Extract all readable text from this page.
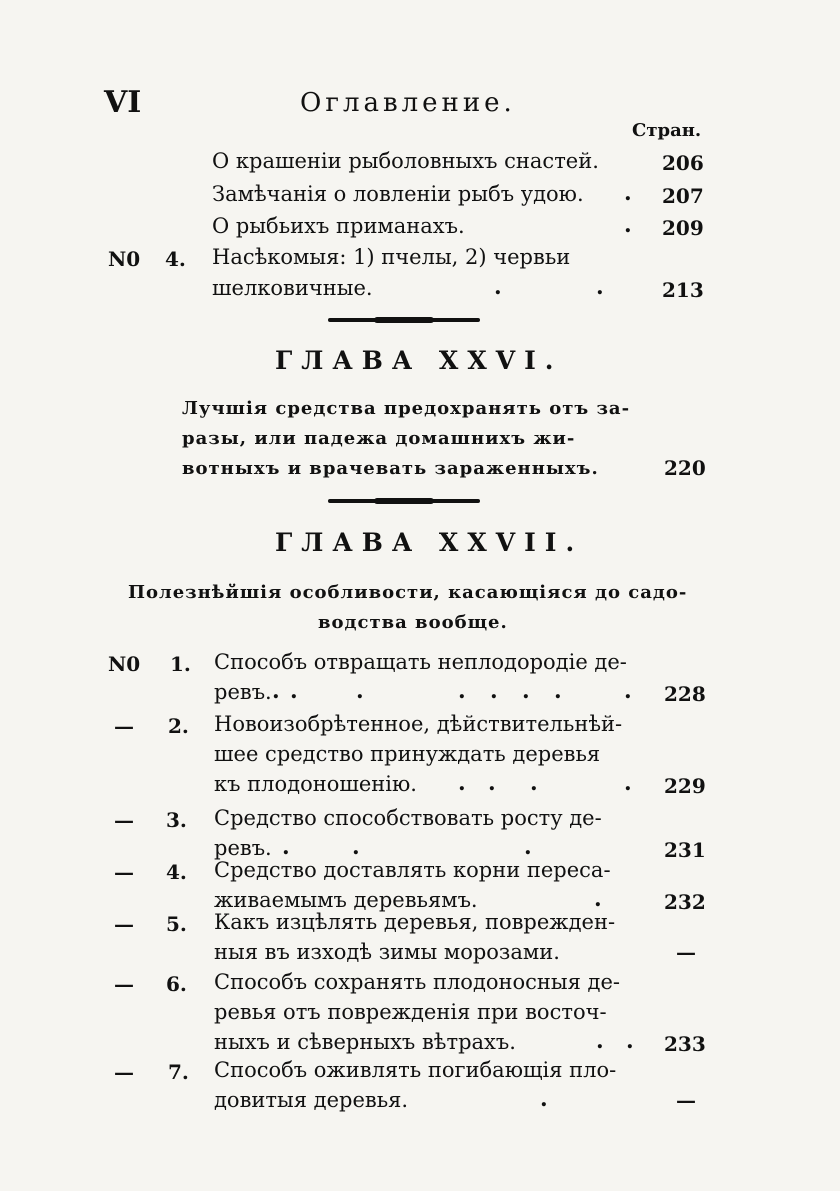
VI	Оглавление.
Стран.
О крашенiи рыболовныхъ снастей.	206
Замѣчанiя о ловленiи рыбъ удою. . 207
О рыбьихъ приманахъ.	. 209
N0 4. Насѣкомыя: 1) пчелы, 2) червьи
шелковичные.	.	.	213
ГЛАВА XXVI.
Лучшiя средства предохранять отъ за-
разы, или падежа домашнихъ жи-
вотныхъ и врачевать зараженныхъ.	220
ГЛАВА XXVII.
Полезнѣйшiя особливости, касающiяся до садо-
водства вообще.
N0 1. Способъ отвращать неплодородiе де-
ревъ. . .	.	. . . .	. 228
— 2. Новоизобрѣтенное, дѣйствительнѣй-
шее средство принуждать деревья
къ плодоношенiю. . . .	. 229
— 3. Средство способствовать росту де-
ревъ. .	.	.	231
— 4. Средство доставлять корни переса-
живаемымъ деревьямъ.	.	232
— 5. Какъ изцѣлять деревья, поврежден-
ныя въ изходѣ зимы морозами.	—
— 6. Способъ сохранять плодоносныя де-
ревья отъ поврежденiя при восточ-
ныхъ и сѣверныхъ вѣтрахъ.	. . 233
— 7. Способъ оживлять погибающiя пло-
довитыя деревья.	.	—
